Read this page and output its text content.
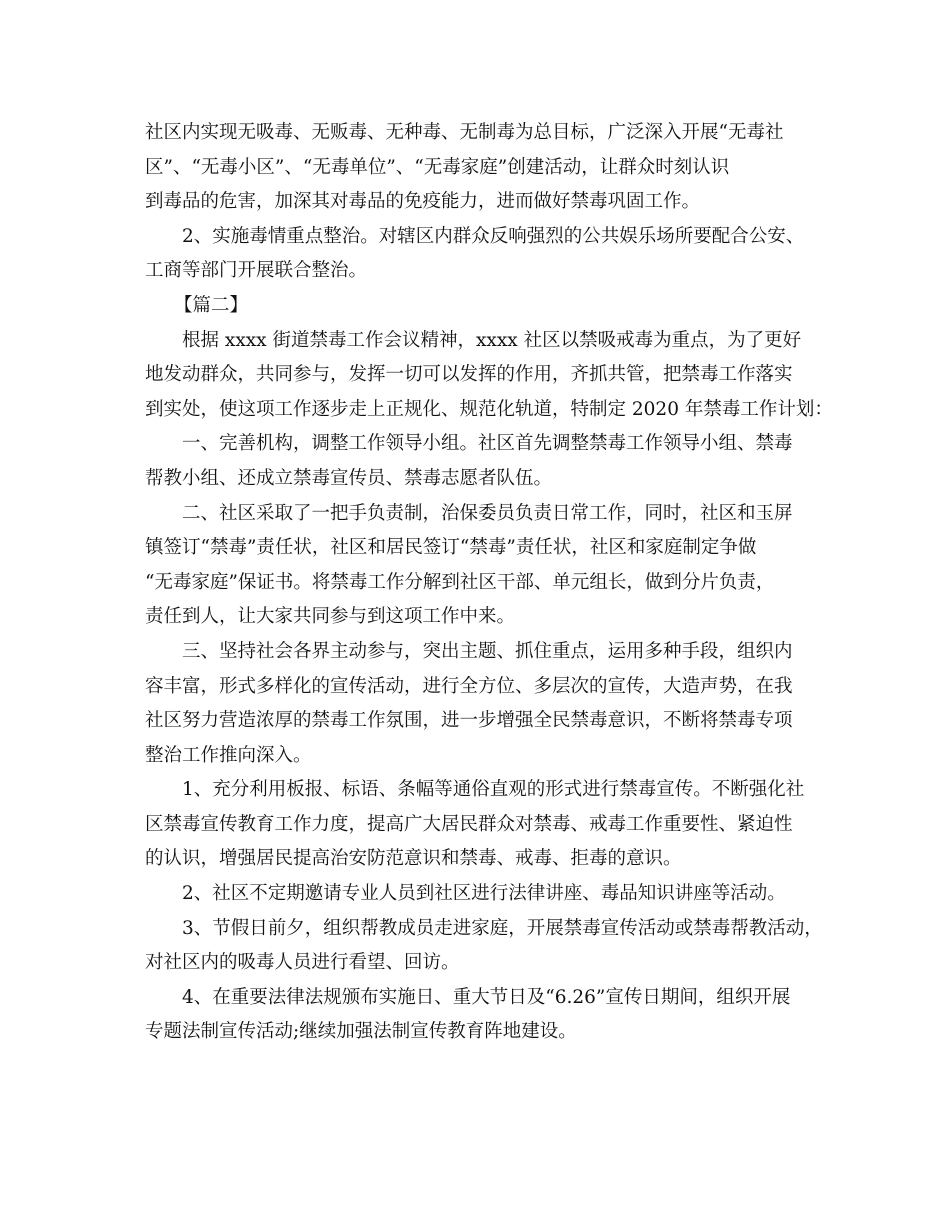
社区内实现无吸毒、无贩毒、无种毒、无制毒为总目标，广泛深入开展“无毒社
区”、“无毒小区”、“无毒单位”、“无毒家庭”创建活动，让群众时刻认识
到毒品的危害，加深其对毒品的免疫能力，进而做好禁毒巩固工作。
2、实施毒情重点整治。对辖区内群众反响强烈的公共娱乐场所要配合公安、
工商等部门开展联合整治。
【篇二】
根据 xxxx 街道禁毒工作会议精神，xxxx 社区以禁吸戒毒为重点，为了更好
地发动群众，共同参与，发挥一切可以发挥的作用，齐抓共管，把禁毒工作落实
到实处，使这项工作逐步走上正规化、规范化轨道，特制定 2020 年禁毒工作计划：
一、完善机构，调整工作领导小组。社区首先调整禁毒工作领导小组、禁毒
帮教小组、还成立禁毒宣传员、禁毒志愿者队伍。
二、社区采取了一把手负责制，治保委员负责日常工作，同时，社区和玉屏
镇签订“禁毒”责任状，社区和居民签订“禁毒”责任状，社区和家庭制定争做
“无毒家庭”保证书。将禁毒工作分解到社区干部、单元组长，做到分片负责，
责任到人，让大家共同参与到这项工作中来。
三、坚持社会各界主动参与，突出主题、抓住重点，运用多种手段，组织内
容丰富，形式多样化的宣传活动，进行全方位、多层次的宣传，大造声势，在我
社区努力营造浓厚的禁毒工作氛围，进一步增强全民禁毒意识，不断将禁毒专项
整治工作推向深入。
1、充分利用板报、标语、条幅等通俗直观的形式进行禁毒宣传。不断强化社
区禁毒宣传教育工作力度，提高广大居民群众对禁毒、戒毒工作重要性、紧迫性
的认识，增强居民提高治安防范意识和禁毒、戒毒、拒毒的意识。
2、社区不定期邀请专业人员到社区进行法律讲座、毒品知识讲座等活动。
3、节假日前夕，组织帮教成员走进家庭，开展禁毒宣传活动或禁毒帮教活动，
对社区内的吸毒人员进行看望、回访。
4、在重要法律法规颁布实施日、重大节日及“6.26”宣传日期间，组织开展
专题法制宣传活动;继续加强法制宣传教育阵地建设。
